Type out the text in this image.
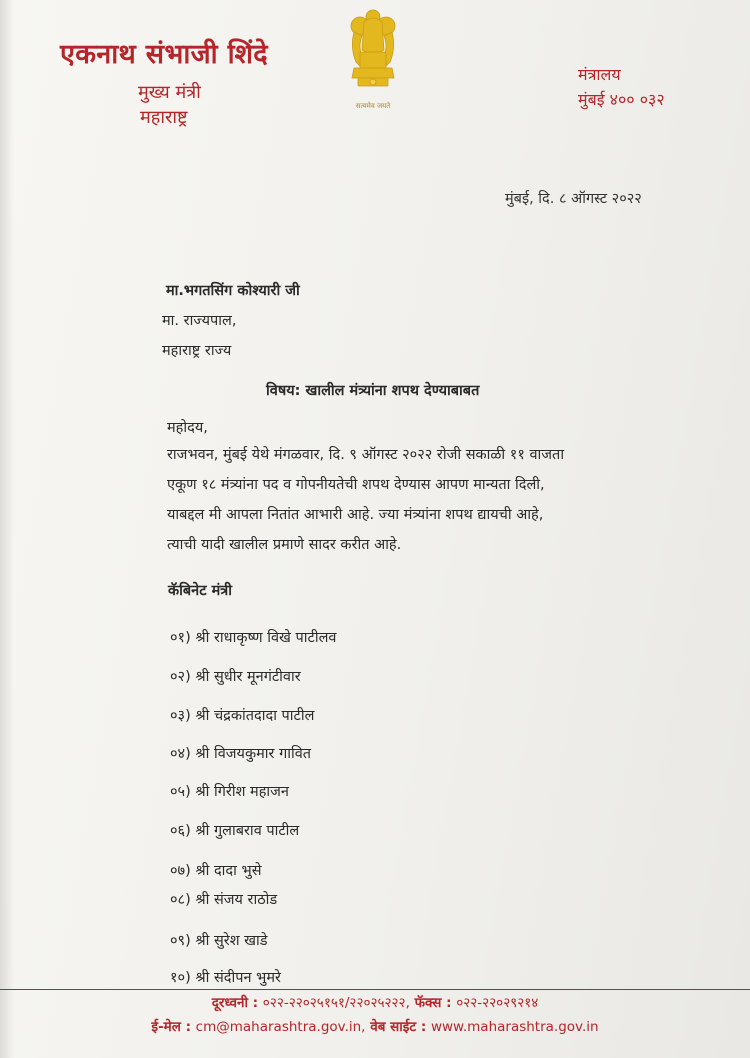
एकनाथ संभाजी शिंदे
मुख्य मंत्री
महाराष्ट्र
सत्यमेव जयते
मंत्रालय
मुंबई ४०० ०३२
मुंबई, दि. ८ ऑगस्ट २०२२
मा.भगतसिंग कोश्यारी जी
मा. राज्यपाल,
महाराष्ट्र राज्य
विषय: खालील मंत्र्यांना शपथ देण्याबाबत
महोदय,
राजभवन, मुंबई येथे मंगळवार, दि. ९ ऑगस्ट २०२२ रोजी सकाळी ११ वाजता
एकूण १८ मंत्र्यांना पद व गोपनीयतेची शपथ देण्यास आपण मान्यता दिली,
याबद्दल मी आपला नितांत आभारी आहे. ज्या मंत्र्यांना शपथ द्यायची आहे,
त्याची यादी खालील प्रमाणे सादर करीत आहे.
कॅबिनेट मंत्री
०१) श्री राधाकृष्ण विखे पाटीलव
०२) श्री सुधीर मूनगंटीवार
०३) श्री चंद्रकांतदादा पाटील
०४) श्री विजयकुमार गावित
०५) श्री गिरीश महाजन
०६) श्री गुलाबराव पाटील
०७) श्री दादा भुसे
०८) श्री संजय राठोड
०९) श्री सुरेश खाडे
१०) श्री संदीपन भुमरे
दूरध्वनी : ०२२-२२०२५१५१/२२०२५२२२, फॅक्स : ०२२-२२०२९२१४
ई-मेल : cm@maharashtra.gov.in, वेब साईट : www.maharashtra.gov.in
